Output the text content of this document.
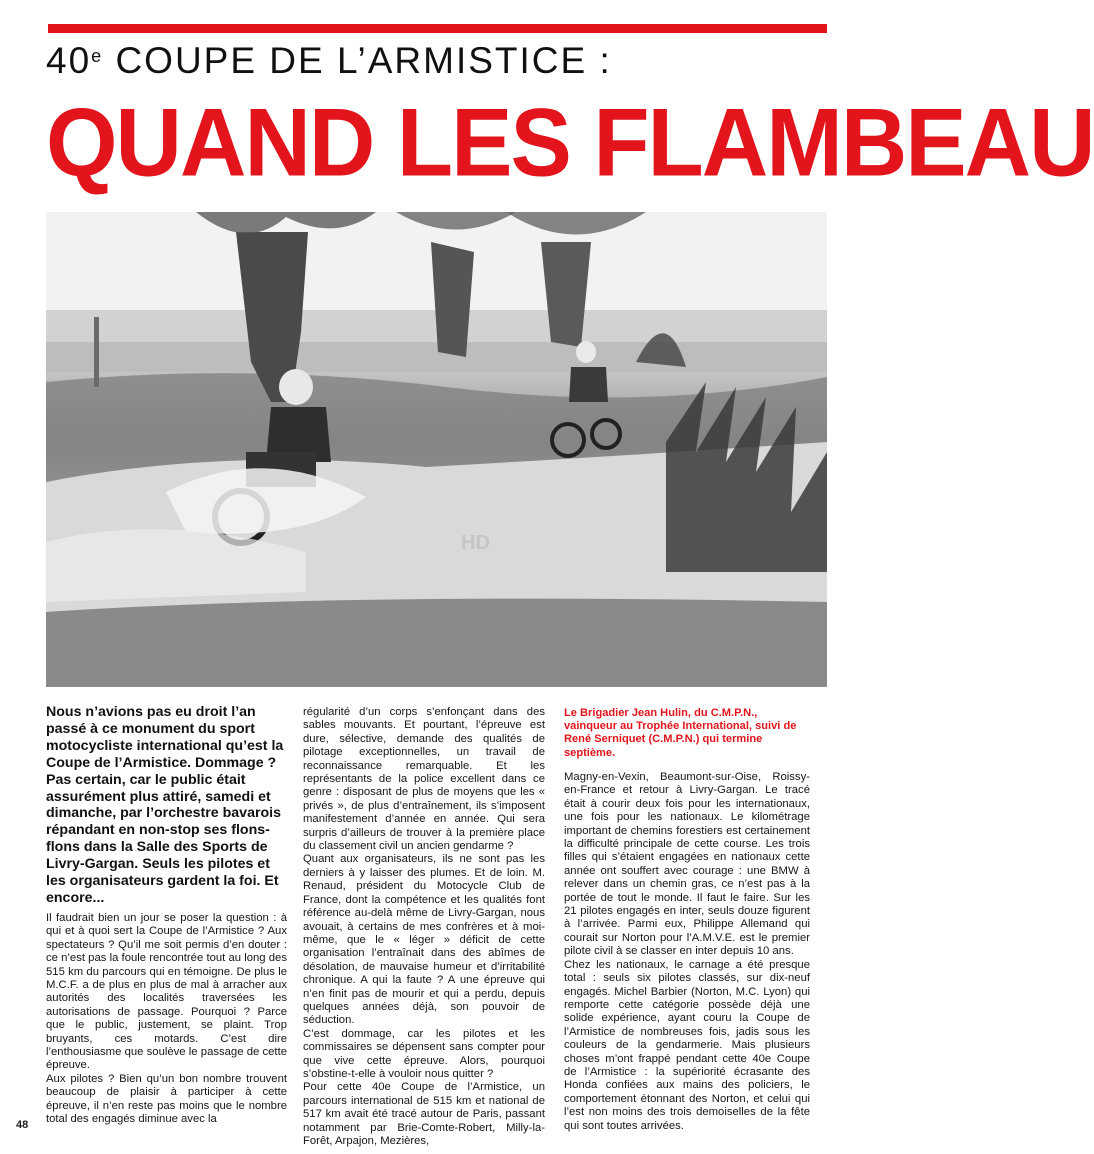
40e COUPE DE L’ARMISTICE :
QUAND LES FLAMBEAU
HD
Nous n’avions pas eu droit l’an passé à ce monument du sport motocycliste international qu’est la Coupe de l’Armistice. Dommage ? Pas certain, car le public était assurément plus attiré, samedi et dimanche, par l’orchestre bavarois répandant en non-stop ses flons-flons dans la Salle des Sports de Livry-Gargan. Seuls les pilotes et les organisateurs gardent la foi. Et encore...

Il faudrait bien un jour se poser la question : à qui et à quoi sert la Coupe de l’Armistice ? Aux spectateurs ? Qu’il me soit permis d’en douter : ce n’est pas la foule rencontrée tout au long des 515 km du parcours qui en témoigne. De plus le M.C.F. a de plus en plus de mal à arracher aux autorités des localités traversées les autorisations de passage. Pourquoi ? Parce que le public, justement, se plaint. Trop bruyants, ces motards. C’est dire l’enthousiasme que soulève le passage de cette épreuve.

Aux pilotes ? Bien qu’un bon nombre trouvent beaucoup de plaisir à participer à cette épreuve, il n’en reste pas moins que le nombre total des engagés diminue avec la

régularité d’un corps s’enfonçant dans des sables mouvants. Et pourtant, l’épreuve est dure, sélective, demande des qualités de pilotage exceptionnelles, un travail de reconnaissance remarquable. Et les représentants de la police excellent dans ce genre : disposant de plus de moyens que les « privés », de plus d’entraînement, ils s’imposent manifestement d’année en année. Qui sera surpris d’ailleurs de trouver à la première place du classement civil un ancien gendarme ?

Quant aux organisateurs, ils ne sont pas les derniers à y laisser des plumes. Et de loin. M. Renaud, président du Motocycle Club de France, dont la compétence et les qualités font référence au-delà même de Livry-Gargan, nous avouait, à certains de mes confrères et à moi-même, que le « léger » déficit de cette organisation l’entraînait dans des abîmes de désolation, de mauvaise humeur et d’irritabilité chronique. A qui la faute ? A une épreuve qui n’en finit pas de mourir et qui a perdu, depuis quelques années déjà, son pouvoir de séduction.

C’est dommage, car les pilotes et les commissaires se dépensent sans compter pour que vive cette épreuve. Alors, pourquoi s’obstine-t-elle à vouloir nous quitter ?

Pour cette 40e Coupe de l’Armistice, un parcours international de 515 km et national de 517 km avait été tracé autour de Paris, passant notamment par Brie-Comte-Robert, Milly-la-Forêt, Arpajon, Mezières,

Le Brigadier Jean Hulin, du C.M.P.N., vainqueur au Trophée International, suivi de René Serniquet (C.M.P.N.) qui termine septième.

Magny-en-Vexin, Beaumont-sur-Oise, Roissy-en-France et retour à Livry-Gargan. Le tracé était à courir deux fois pour les internationaux, une fois pour les nationaux. Le kilométrage important de chemins forestiers est certainement la difficulté principale de cette course. Les trois filles qui s’étaient engagées en nationaux cette année ont souffert avec courage : une BMW à relever dans un chemin gras, ce n’est pas à la portée de tout le monde. Il faut le faire. Sur les 21 pilotes engagés en inter, seuls douze figurent à l’arrivée. Parmi eux, Philippe Allemand qui courait sur Norton pour l’A.M.V.E. est le premier pilote civil à se classer en inter depuis 10 ans.

Chez les nationaux, le carnage a été presque total : seuls six pilotes classés, sur dix-neuf engagés. Michel Barbier (Norton, M.C. Lyon) qui remporte cette catégorie possède déjà une solide expérience, ayant couru la Coupe de l’Armistice de nombreuses fois, jadis sous les couleurs de la gendarmerie. Mais plusieurs choses m’ont frappé pendant cette 40e Coupe de l’Armistice : la supériorité écrasante des Honda confiées aux mains des policiers, le comportement étonnant des Norton, et celui qui l’est non moins des trois demoiselles de la fête qui sont toutes arrivées.

48
